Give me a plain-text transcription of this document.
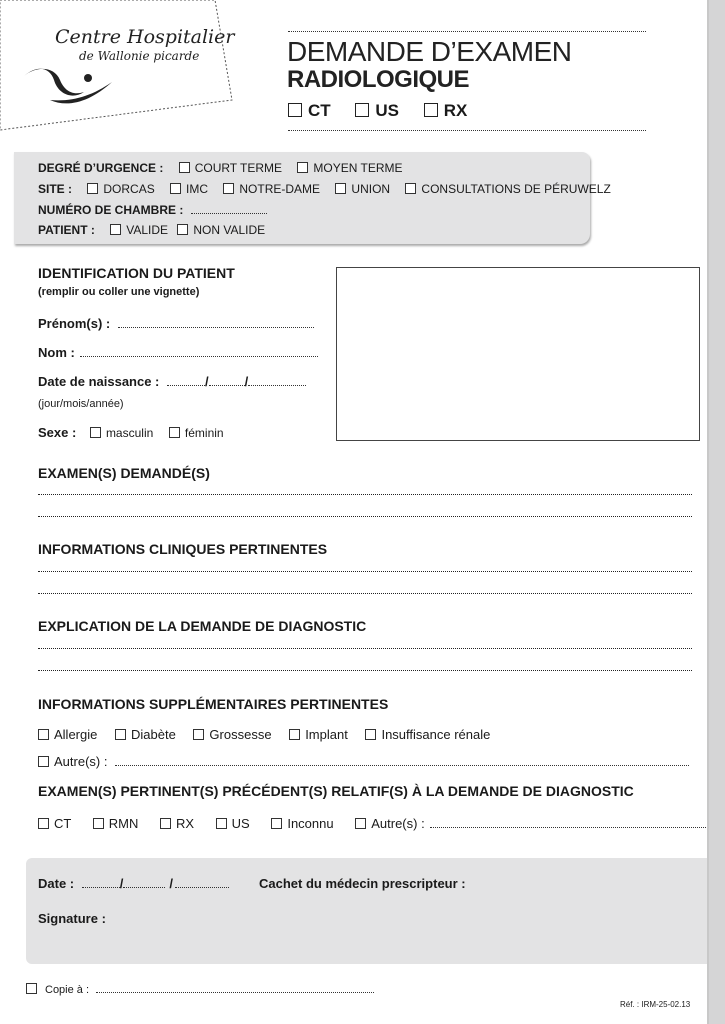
Centre Hospitalier
de Wallonie picarde	DEMANDE D’EXAMEN
RADIOLOGIQUE
CT	US	RX
DEGRÉ D’URGENCE :	COURT TERME	MOYEN TERME
SITE :	DORCAS	IMC	NOTRE-DAME	UNION	CONSULTATIONS DE PÉRUWELZ
NUMÉRO DE CHAMBRE :
PATIENT :	VALIDE NON VALIDE
IDENTIFICATION DU PATIENT
(remplir ou coller une vignette)
Prénom(s) :
Nom :
Date de naissance :	/	/
(jour/mois/année)
Sexe : masculin	féminin
EXAMEN(S) DEMANDÉ(S)
INFORMATIONS CLINIQUES PERTINENTES
EXPLICATION DE LA DEMANDE DE DIAGNOSTIC
INFORMATIONS SUPPLÉMENTAIRES PERTINENTES
Allergie	Diabète	Grossesse	Implant	Insuffisance rénale
Autre(s) :
EXAMEN(S) PERTINENT(S) PRÉCÉDENT(S) RELATIF(S) À LA DEMANDE DE DIAGNOSTIC
CT	RMN	RX	US	Inconnu	Autre(s) :
Date :	/	/	Cachet du médecin prescripteur :
Signature :
Copie à :
Réf. : IRM-25-02.13
